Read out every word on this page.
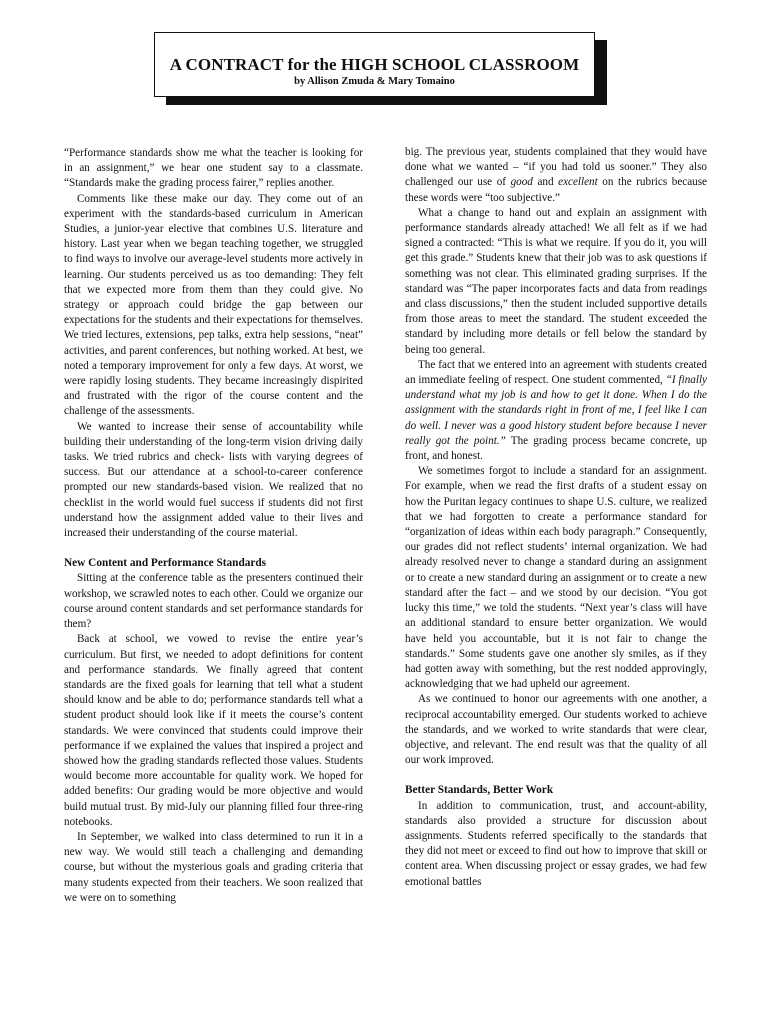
A CONTRACT for the HIGH SCHOOL CLASSROOM
by Allison Zmuda & Mary Tomaino

“Performance standards show me what the teacher is looking for in an assignment,” we hear one student say to a classmate. “Standards make the grading process fairer,” replies another.

Comments like these make our day. They come out of an experiment with the standards-based curriculum in American Studies, a junior-year elective that combines U.S. literature and history. Last year when we began teaching together, we struggled to find ways to involve our average-level students more actively in learning. Our students perceived us as too demanding: They felt that we expected more from them than they could give. No strategy or approach could bridge the gap between our expectations for the students and their expectations for themselves. We tried lectures, extensions, pep talks, extra help sessions, “neat” activities, and parent conferences, but nothing worked. At best, we noted a temporary improvement for only a few days. At worst, we were rapidly losing students. They became increasingly dispirited and frustrated with the rigor of the course content and the challenge of the assessments.

We wanted to increase their sense of accountability while building their understanding of the long-term vision driving daily tasks. We tried rubrics and check- lists with varying degrees of success. But our attendance at a school-to-career conference prompted our new standards-based vision. We realized that no checklist in the world would fuel success if students did not first understand how the assignment added value to their lives and increased their understanding of the course material.

New Content and Performance Standards

Sitting at the conference table as the presenters continued their workshop, we scrawled notes to each other. Could we organize our course around content standards and set performance standards for them?

Back at school, we vowed to revise the entire year’s curriculum. But first, we needed to adopt definitions for content and performance standards. We finally agreed that content standards are the fixed goals for learning that tell what a student should know and be able to do; performance standards tell what a student product should look like if it meets the course’s content standards. We were convinced that students could improve their performance if we explained the values that inspired a project and showed how the grading standards reflected those values. Students would become more accountable for quality work. We hoped for added benefits: Our grading would be more objective and would build mutual trust. By mid-July our planning filled four three-ring notebooks.

In September, we walked into class determined to run it in a new way. We would still teach a challenging and demanding course, but without the mysterious goals and grading criteria that many students expected from their teachers. We soon realized that we were on to something

big. The previous year, students complained that they would have done what we wanted – “if you had told us sooner.” They also challenged our use of good and excellent on the rubrics because these words were “too subjective.”

What a change to hand out and explain an assignment with performance standards already attached! We all felt as if we had signed a contracted: “This is what we require. If you do it, you will get this grade.” Students knew that their job was to ask questions if something was not clear. This eliminated grading surprises. If the standard was “The paper incorporates facts and data from readings and class discussions,” then the student included supportive details from those areas to meet the standard. The student exceeded the standard by including more details or fell below the standard by being too general.

The fact that we entered into an agreement with students created an immediate feeling of respect. One student commented, “I finally understand what my job is and how to get it done. When I do the assignment with the standards right in front of me, I feel like I can do well. I never was a good history student before because I never really got the point.” The grading process became concrete, up front, and honest.

We sometimes forgot to include a standard for an assignment. For example, when we read the first drafts of a student essay on how the Puritan legacy continues to shape U.S. culture, we realized that we had forgotten to create a performance standard for “organization of ideas within each body paragraph.” Consequently, our grades did not reflect students’ internal organization. We had already resolved never to change a standard during an assignment or to create a new standard during an assignment or to create a new standard after the fact – and we stood by our decision. “You got lucky this time,” we told the students. “Next year’s class will have an additional standard to ensure better organization. We would have held you accountable, but it is not fair to change the standards.” Some students gave one another sly smiles, as if they had gotten away with something, but the rest nodded approvingly, acknowledging that we had upheld our agreement.

As we continued to honor our agreements with one another, a reciprocal accountability emerged. Our students worked to achieve the standards, and we worked to write standards that were clear, objective, and relevant. The end result was that the quality of all our work improved.

Better Standards, Better Work

In addition to communication, trust, and account-ability, standards also provided a structure for discussion about assignments. Students referred specifically to the standards that they did not meet or exceed to find out how to improve that skill or content area. When discussing project or essay grades, we had few emotional battles
